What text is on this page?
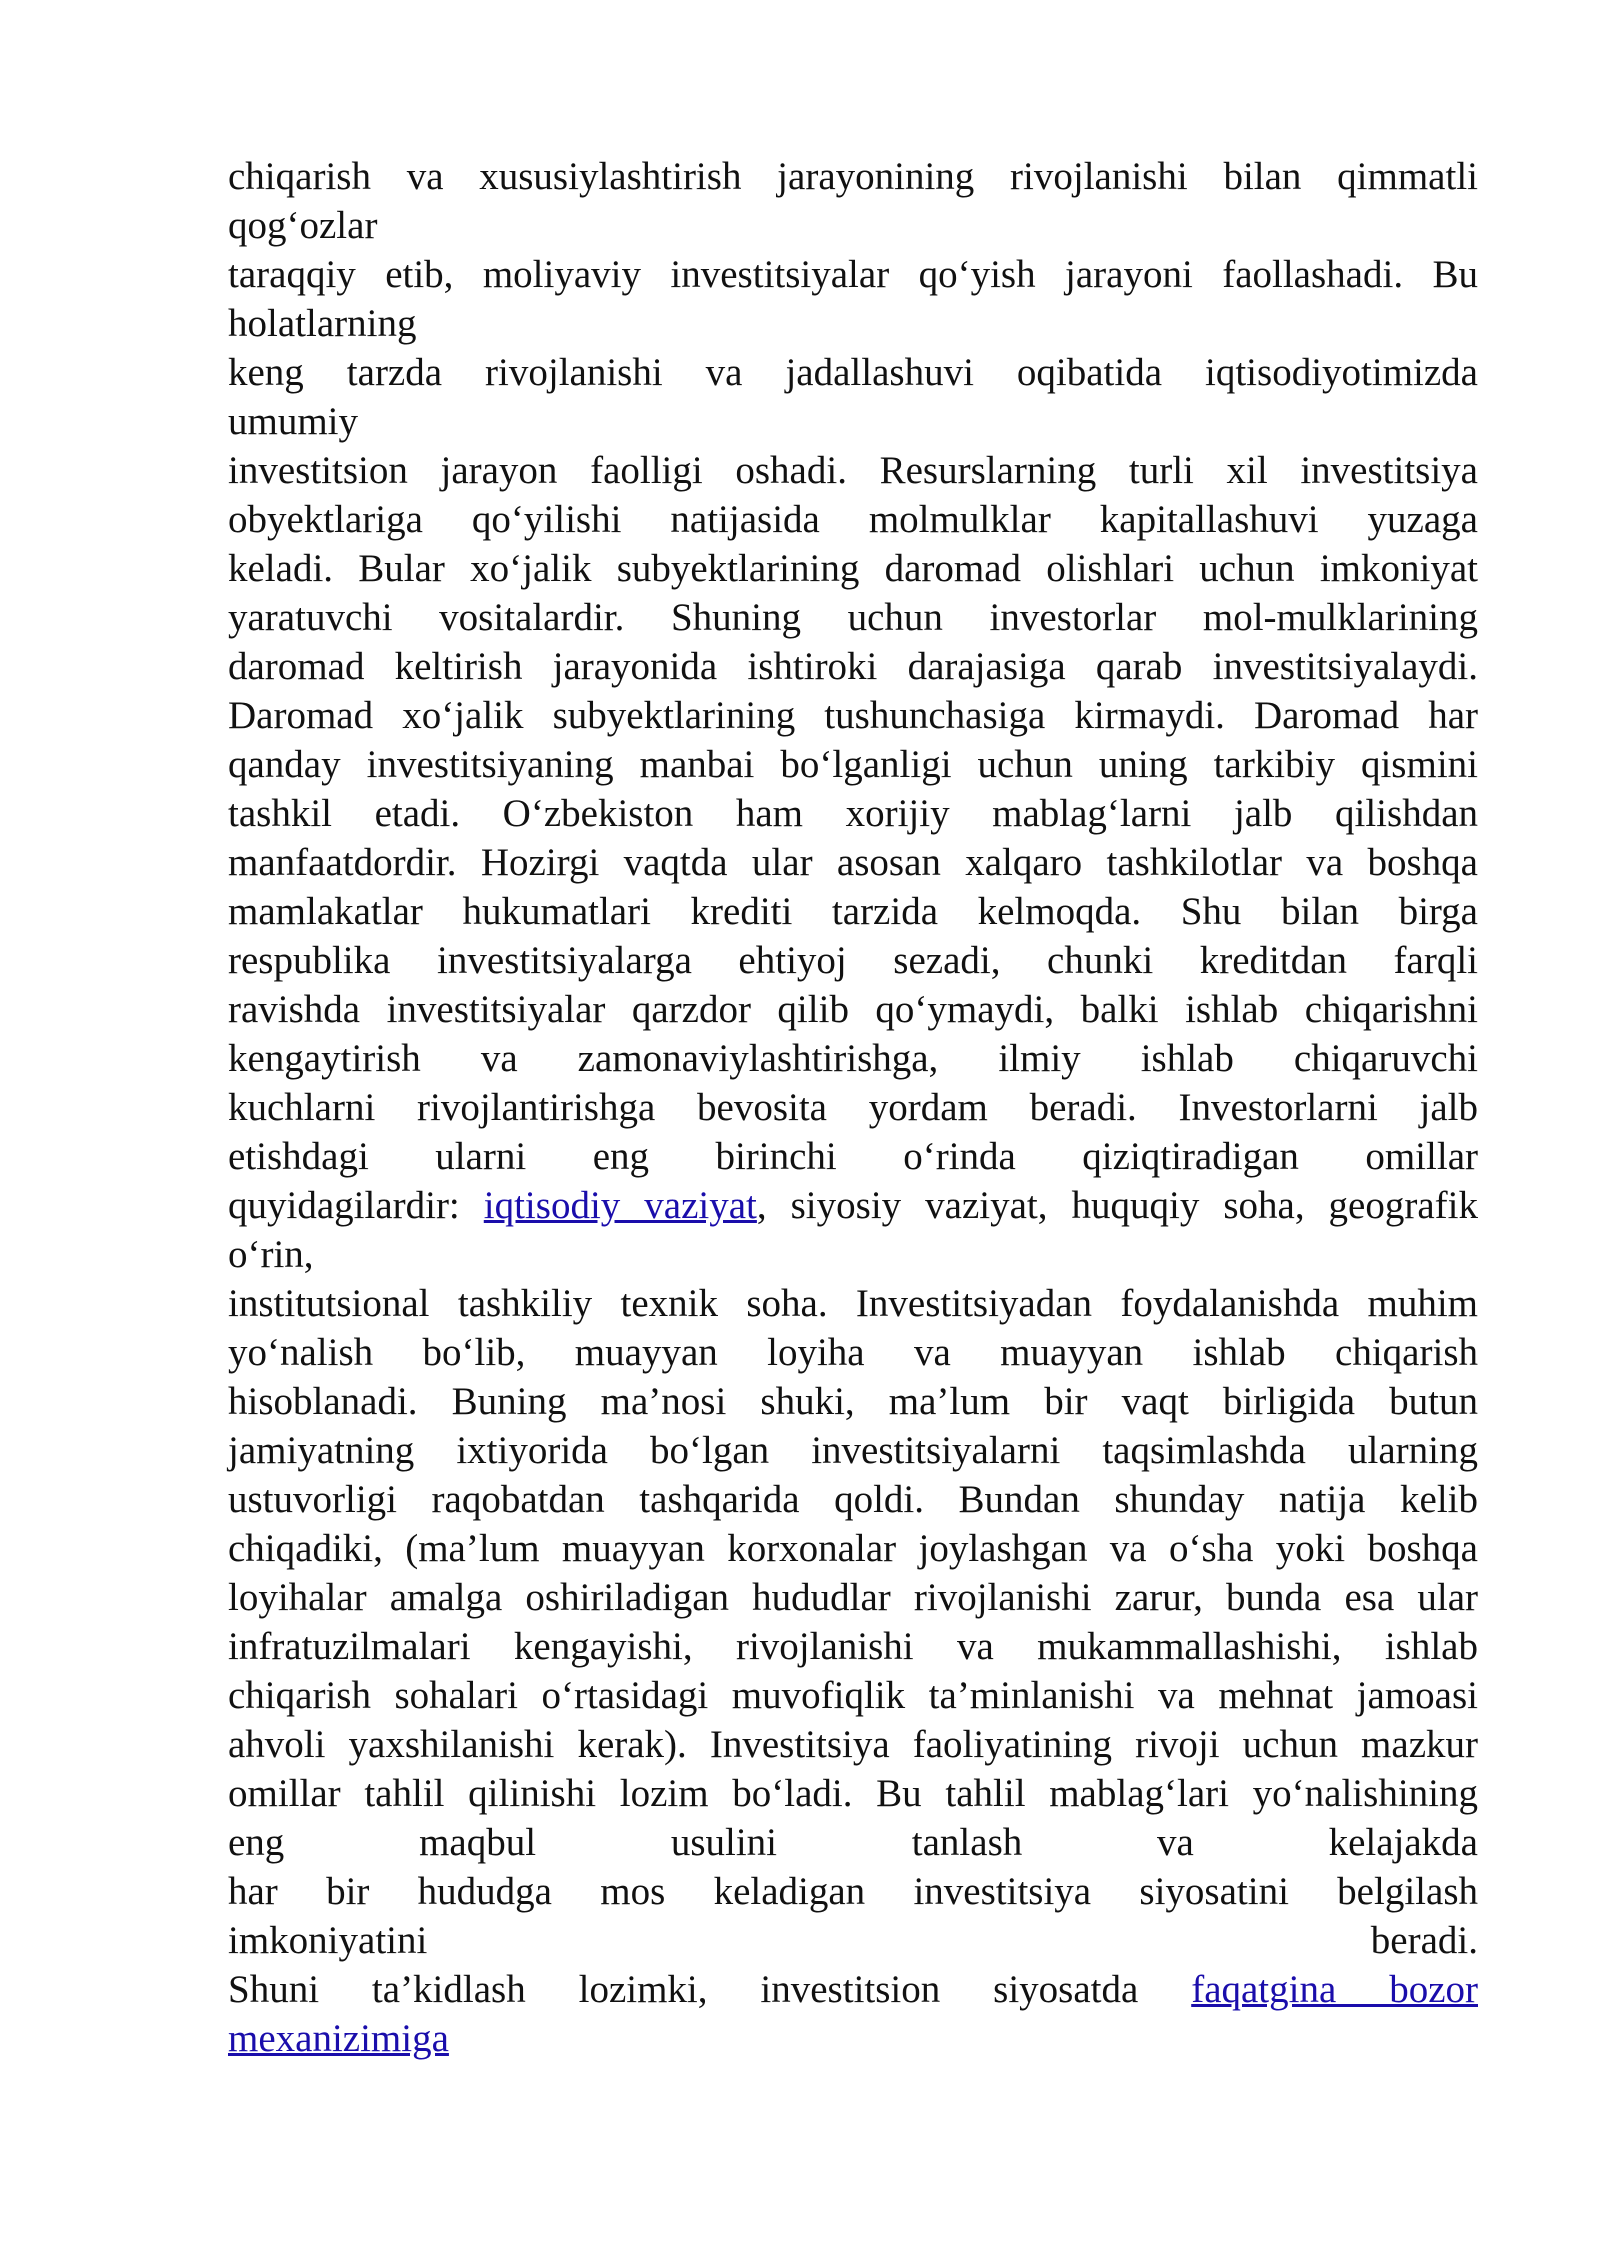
chiqarish va xususiylashtirish jarayonining rivojlanishi bilan qimmatli
qog‘ozlar
taraqqiy etib, moliyaviy investitsiyalar qo‘yish jarayoni faollashadi. Bu
holatlarning
keng tarzda rivojlanishi va jadallashuvi oqibatida iqtisodiyotimizda
umumiy
investitsion jarayon faolligi oshadi. Resurslarning turli xil investitsiya
obyektlariga qo‘yilishi natijasida molmulklar kapitallashuvi yuzaga
keladi. Bular xo‘jalik subyektlarining daromad olishlari uchun imkoniyat
yaratuvchi vositalardir. Shuning uchun investorlar mol-mulklarining
daromad keltirish jarayonida ishtiroki darajasiga qarab investitsiyalaydi.
Daromad xo‘jalik subyektlarining tushunchasiga kirmaydi. Daromad har
qanday investitsiyaning manbai bo‘lganligi uchun uning tarkibiy qismini
tashkil etadi. O‘zbekiston ham xorijiy mablag‘larni jalb qilishdan
manfaatdordir. Hozirgi vaqtda ular asosan xalqaro tashkilotlar va boshqa
mamlakatlar hukumatlari krediti tarzida kelmoqda. Shu bilan birga
respublika investitsiyalarga ehtiyoj sezadi, chunki kreditdan farqli
ravishda investitsiyalar qarzdor qilib qo‘ymaydi, balki ishlab chiqarishni
kengaytirish va zamonaviylashtirishga, ilmiy ishlab chiqaruvchi
kuchlarni rivojlantirishga bevosita yordam beradi. Investorlarni jalb
etishdagi ularni eng birinchi o‘rinda qiziqtiradigan omillar
quyidagilardir: iqtisodiy vaziyat, siyosiy vaziyat, huquqiy soha, geografik
o‘rin,
institutsional tashkiliy texnik soha. Investitsiyadan foydalanishda muhim
yo‘nalish bo‘lib, muayyan loyiha va muayyan ishlab chiqarish
hisoblanadi. Buning ma’nosi shuki, ma’lum bir vaqt birligida butun
jamiyatning ixtiyorida bo‘lgan investitsiyalarni taqsimlashda ularning
ustuvorligi raqobatdan tashqarida qoldi. Bundan shunday natija kelib
chiqadiki, (ma’lum muayyan korxonalar joylashgan va o‘sha yoki boshqa
loyihalar amalga oshiriladigan hududlar rivojlanishi zarur, bunda esa ular
infratuzilmalari kengayishi, rivojlanishi va mukammallashishi, ishlab
chiqarish sohalari o‘rtasidagi muvofiqlik ta’minlanishi va mehnat jamoasi
ahvoli yaxshilanishi kerak). Investitsiya faoliyatining rivoji uchun mazkur
omillar tahlil qilinishi lozim bo‘ladi. Bu tahlil mablag‘lari yo‘nalishining
eng maqbul usulini tanlash va kelajakda
har bir hududga mos keladigan investitsiya siyosatini belgilash
imkoniyatini beradi.
Shuni ta’kidlash lozimki, investitsion siyosatda faqatgina bozor
mexanizimiga
